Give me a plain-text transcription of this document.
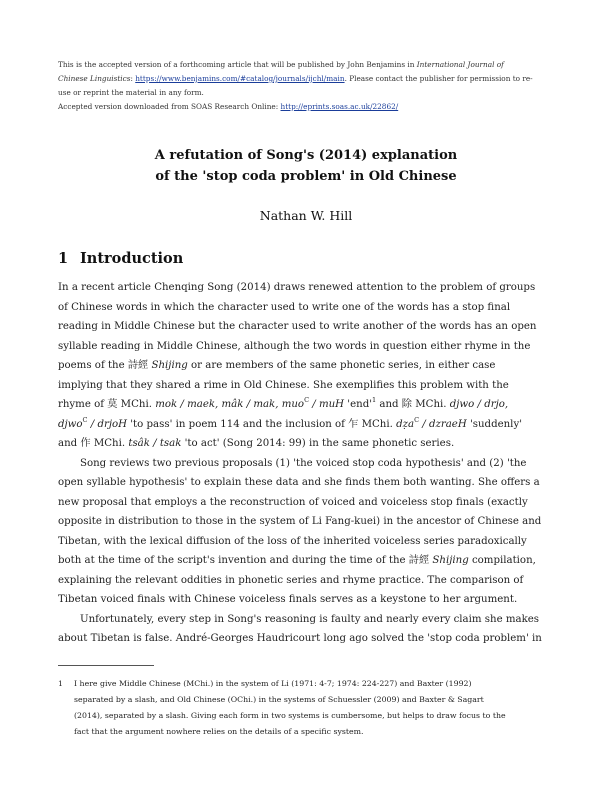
This is the accepted version of a forthcoming article that will be published by John Benjamins in International Journal of
Chinese Linguistics: https://www.benjamins.com/#catalog/journals/ijchl/main. Please contact the publisher for permission to re-
use or reprint the material in any form.
Accepted version downloaded from SOAS Research Online: http://eprints.soas.ac.uk/22862/
A refutation of Song's (2014) explanation
of the 'stop coda problem' in Old Chinese
Nathan W. Hill
1 Introduction
In a recent article Chenqing Song (2014) draws renewed attention to the problem of groups
of Chinese words in which the character used to write one of the words has a stop final
reading in Middle Chinese but the character used to write another of the words has an open
syllable reading in Middle Chinese, although the two words in question either rhyme in the
poems of the 詩經 Shijing or are members of the same phonetic series, in either case
implying that they shared a rime in Old Chinese. She exemplifies this problem with the
rhyme of 莫 MChi. mok / maek, mâk / mak, muo$^C$ / muH '$end'^1$ and 除 MChi. djwo / drjo,
djwo$^C$ / drjoH 'to pass' in poem 114 and the inclusion of 乍 MChi. dẓa$^C$ / dzraeH 'suddenly'
and 作 MChi. tsâk / tsak 'to act' (Song 2014: 99) in the same phonetic series.
Song reviews two previous proposals (1) 'the voiced stop coda hypothesis' and (2) 'the
open syllable hypothesis' to explain these data and she finds them both wanting. She offers a
new proposal that employs a the reconstruction of voiced and voiceless stop finals (exactly
opposite in distribution to those in the system of Li Fang-kuei) in the ancestor of Chinese and
Tibetan, with the lexical diffusion of the loss of the inherited voiceless series paradoxically
both at the time of the script's invention and during the time of the 詩經 Shijing compilation,
explaining the relevant oddities in phonetic series and rhyme practice. The comparison of
Tibetan voiced finals with Chinese voiceless finals serves as a keystone to her argument.
Unfortunately, every step in Song's reasoning is faulty and nearly every claim she makes
about Tibetan is false. André-Georges Haudricourt long ago solved the 'stop coda problem' in
1 I here give Middle Chinese (MChi.) in the system of Li (1971: 4-7; 1974: 224-227) and Baxter (1992)
separated by a slash, and Old Chinese (OChi.) in the systems of Schuessler (2009) and Baxter & Sagart
(2014), separated by a slash. Giving each form in two systems is cumbersome, but helps to draw focus to the
fact that the argument nowhere relies on the details of a specific system.
